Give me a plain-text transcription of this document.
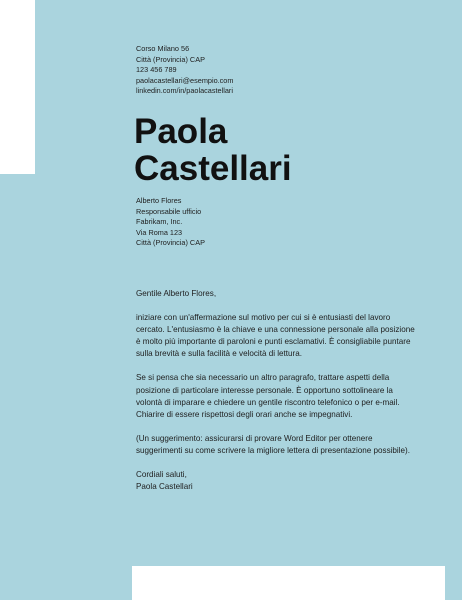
Corso Milano 56
Città (Provincia) CAP
123 456 789
paolacastellari@esempio.com
linkedin.com/in/paolacastellari
Paola
Castellari
Alberto Flores
Responsabile ufficio
Fabrikam, Inc.
Via Roma 123
Città (Provincia) CAP

Gentile Alberto Flores,

iniziare con un'affermazione sul motivo per cui si è entusiasti del lavoro
cercato. L'entusiasmo è la chiave e una connessione personale alla posizione
è molto più importante di paroloni e punti esclamativi. È consigliabile puntare
sulla brevità e sulla facilità e velocità di lettura.

Se si pensa che sia necessario un altro paragrafo, trattare aspetti della
posizione di particolare interesse personale. È opportuno sottolineare la
volontà di imparare e chiedere un gentile riscontro telefonico o per e-mail.
Chiarire di essere rispettosi degli orari anche se impegnativi.

(Un suggerimento: assicurarsi di provare Word Editor per ottenere
suggerimenti su come scrivere la migliore lettera di presentazione possibile).

Cordiali saluti,
Paola Castellari
